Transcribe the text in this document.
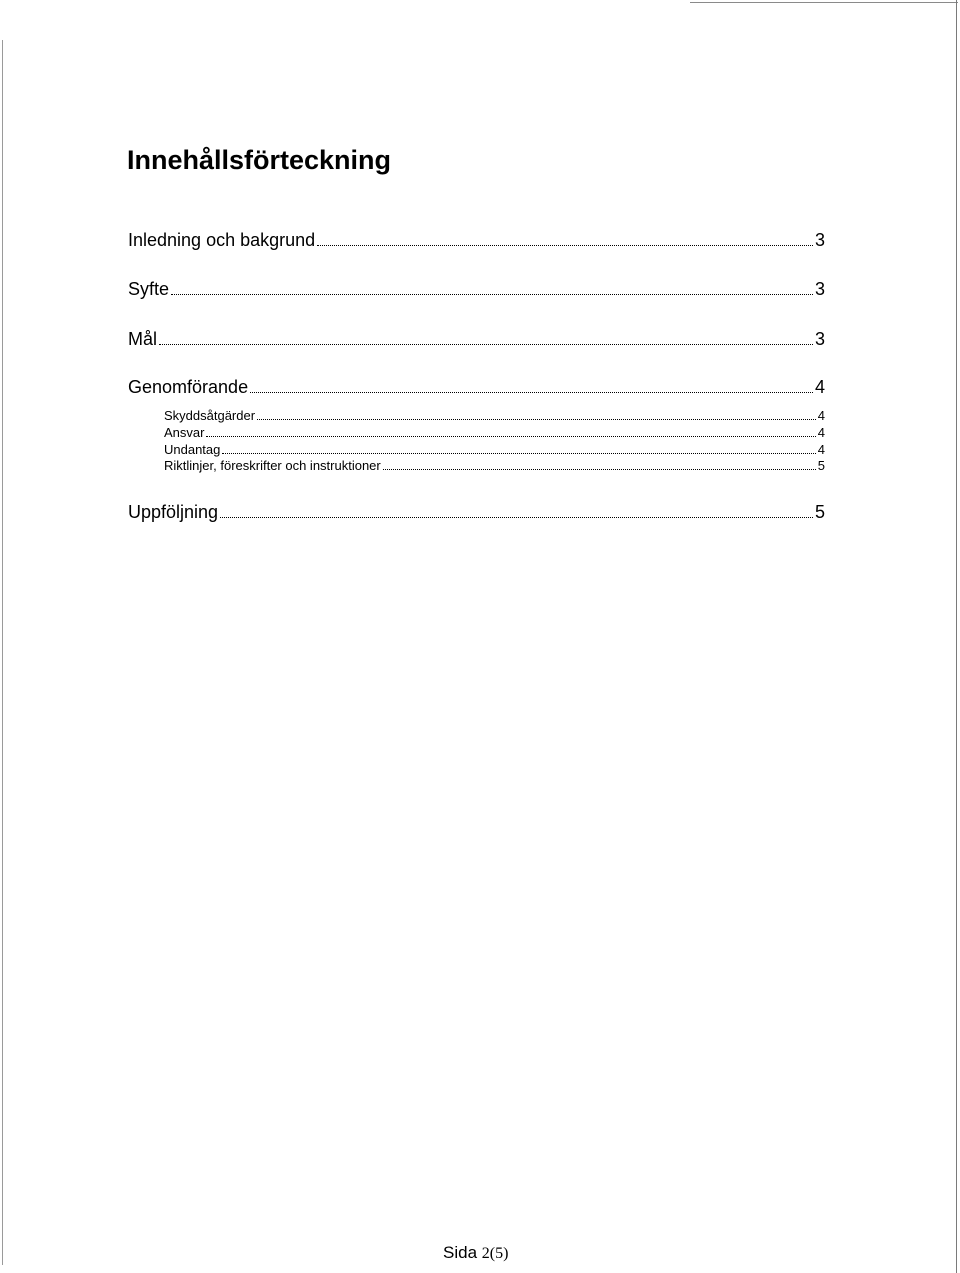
Innehållsförteckning
Inledning och bakgrund	3
Syfte	3
Mål	3
Genomförande	4
Skyddsåtgärder	4
Ansvar	4
Undantag	4
Riktlinjer, föreskrifter och instruktioner	5
Uppföljning	5
Sida 2(5)
